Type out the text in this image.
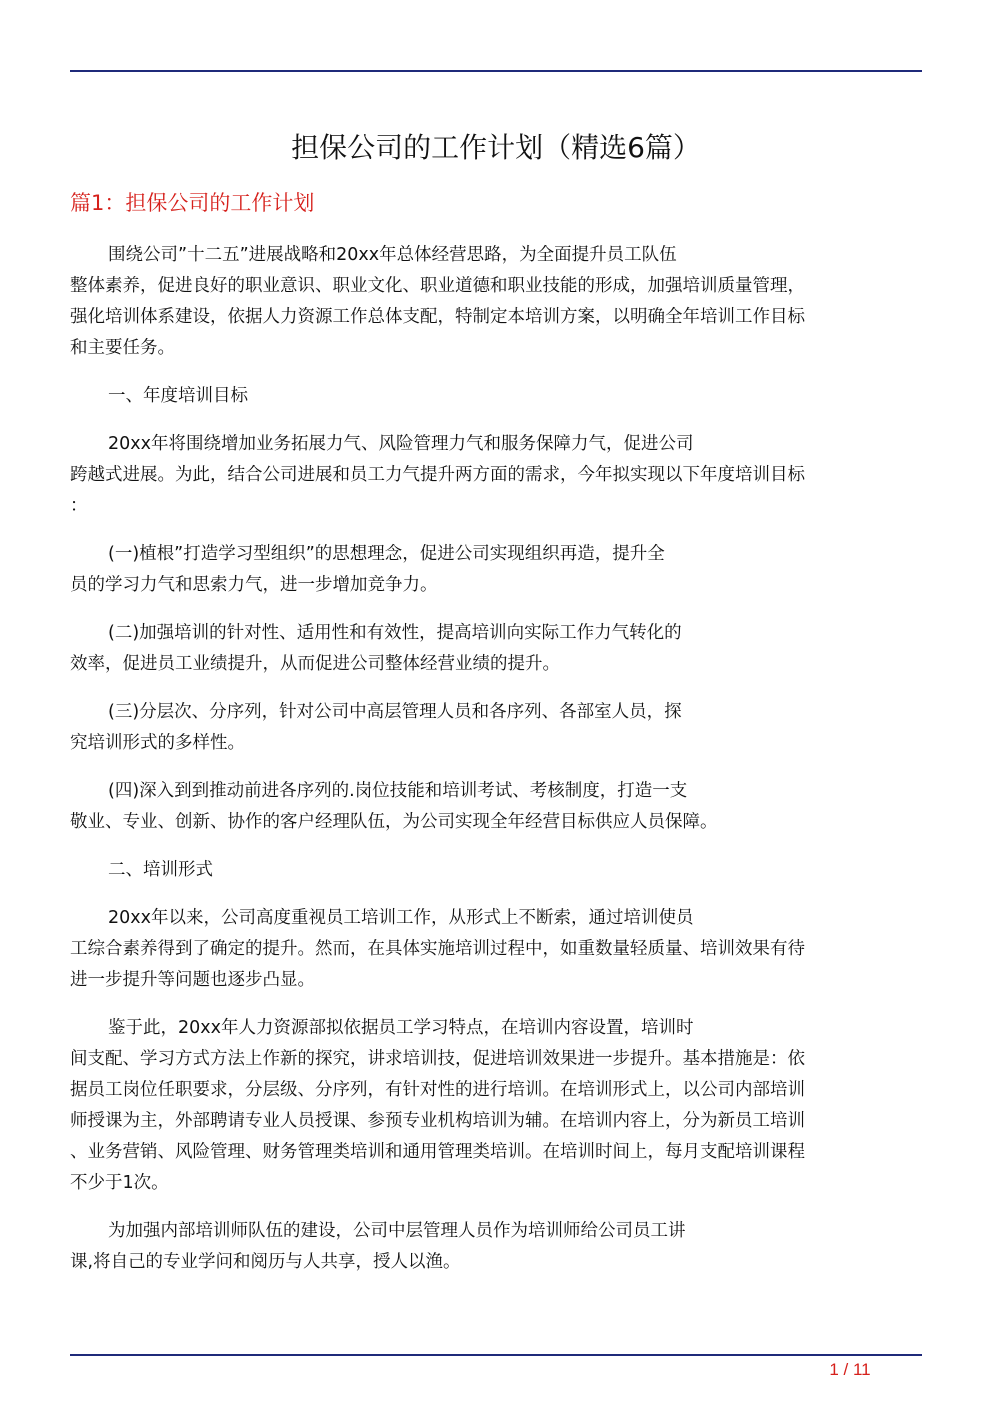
担保公司的工作计划（精选6篇）
篇1：担保公司的工作计划

围绕公司”十二五”进展战略和20xx年总体经营思路，为全面提升员工队伍
整体素养，促进良好的职业意识、职业文化、职业道德和职业技能的形成，加强培训质量管理，
强化培训体系建设，依据人力资源工作总体支配，特制定本培训方案，以明确全年培训工作目标
和主要任务。

一、年度培训目标

20xx年将围绕增加业务拓展力气、风险管理力气和服务保障力气，促进公司
跨越式进展。为此，结合公司进展和员工力气提升两方面的需求，今年拟实现以下年度培训目标
：

(一)植根”打造学习型组织”的思想理念，促进公司实现组织再造，提升全
员的学习力气和思索力气，进一步增加竞争力。

(二)加强培训的针对性、适用性和有效性，提高培训向实际工作力气转化的
效率，促进员工业绩提升，从而促进公司整体经营业绩的提升。

(三)分层次、分序列，针对公司中高层管理人员和各序列、各部室人员，探
究培训形式的多样性。

(四)深入到到推动前进各序列的.岗位技能和培训考试、考核制度，打造一支
敬业、专业、创新、协作的客户经理队伍，为公司实现全年经营目标供应人员保障。

二、培训形式

20xx年以来，公司高度重视员工培训工作，从形式上不断索，通过培训使员
工综合素养得到了确定的提升。然而，在具体实施培训过程中，如重数量轻质量、培训效果有待
进一步提升等问题也逐步凸显。

鉴于此，20xx年人力资源部拟依据员工学习特点，在培训内容设置，培训时
间支配、学习方式方法上作新的探究，讲求培训技，促进培训效果进一步提升。基本措施是：依
据员工岗位任职要求，分层级、分序列，有针对性的进行培训。在培训形式上，以公司内部培训
师授课为主，外部聘请专业人员授课、参预专业机构培训为辅。在培训内容上，分为新员工培训
、业务营销、风险管理、财务管理类培训和通用管理类培训。在培训时间上，每月支配培训课程
不少于1次。

为加强内部培训师队伍的建设，公司中层管理人员作为培训师给公司员工讲
课,将自己的专业学问和阅历与人共享，授人以渔。

1 / 11
